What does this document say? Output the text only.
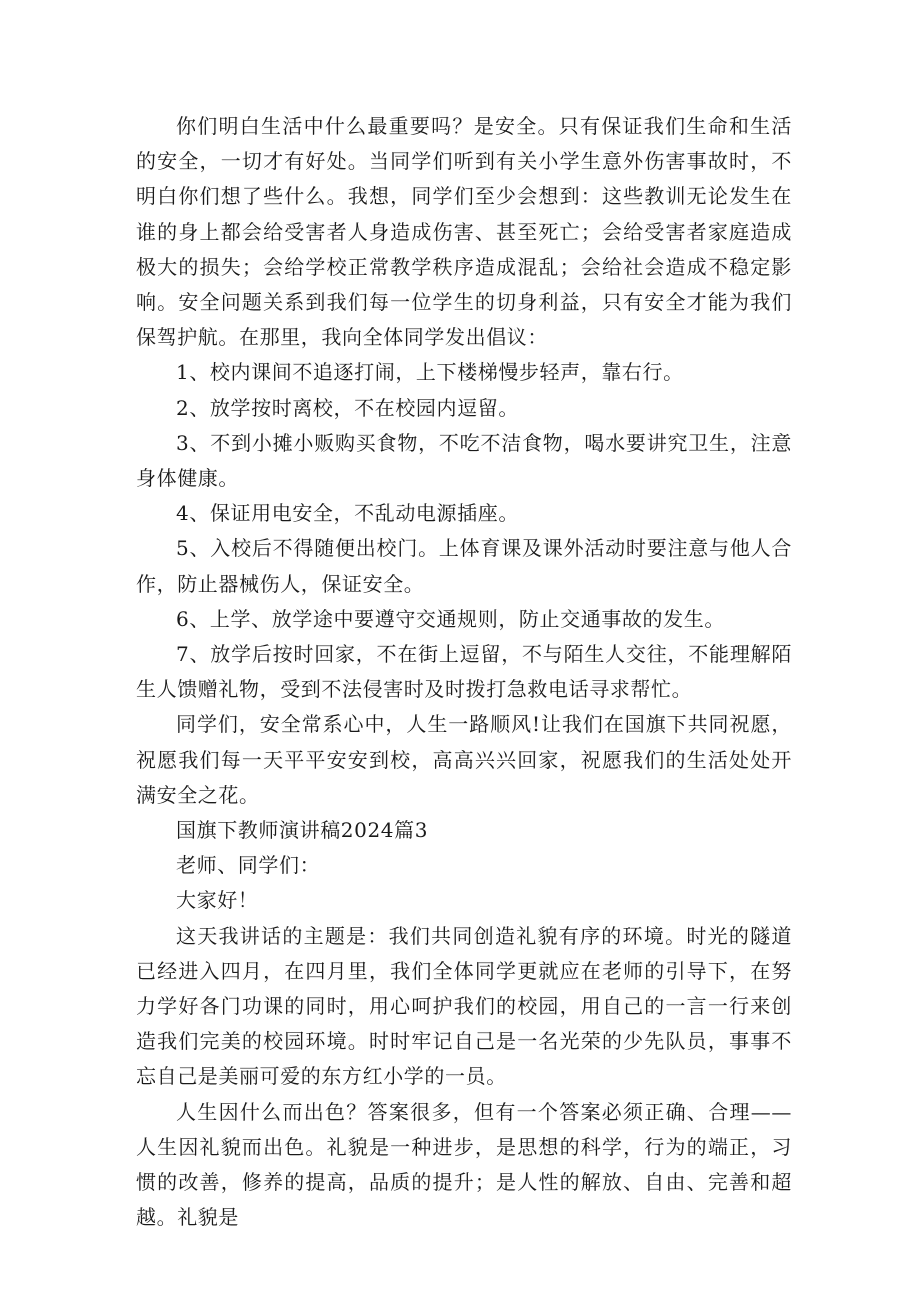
你们明白生活中什么最重要吗？是安全。只有保证我们生命和生活的安全，一切才有好处。当同学们听到有关小学生意外伤害事故时，不明白你们想了些什么。我想，同学们至少会想到：这些教训无论发生在谁的身上都会给受害者人身造成伤害、甚至死亡；会给受害者家庭造成极大的损失；会给学校正常教学秩序造成混乱；会给社会造成不稳定影响。安全问题关系到我们每一位学生的切身利益，只有安全才能为我们保驾护航。在那里，我向全体同学发出倡议：

1、校内课间不追逐打闹，上下楼梯慢步轻声，靠右行。

2、放学按时离校，不在校园内逗留。

3、不到小摊小贩购买食物，不吃不洁食物，喝水要讲究卫生，注意身体健康。

4、保证用电安全，不乱动电源插座。

5、入校后不得随便出校门。上体育课及课外活动时要注意与他人合作，防止器械伤人，保证安全。

6、上学、放学途中要遵守交通规则，防止交通事故的发生。

7、放学后按时回家，不在街上逗留，不与陌生人交往，不能理解陌生人馈赠礼物，受到不法侵害时及时拨打急救电话寻求帮忙。

同学们，安全常系心中，人生一路顺风!让我们在国旗下共同祝愿，祝愿我们每一天平平安安到校，高高兴兴回家，祝愿我们的生活处处开满安全之花。

国旗下教师演讲稿2024篇3

老师、同学们：

大家好！

这天我讲话的主题是：我们共同创造礼貌有序的环境。时光的隧道已经进入四月，在四月里，我们全体同学更就应在老师的引导下，在努力学好各门功课的同时，用心呵护我们的校园，用自己的一言一行来创造我们完美的校园环境。时时牢记自己是一名光荣的少先队员，事事不忘自己是美丽可爱的东方红小学的一员。

人生因什么而出色？答案很多，但有一个答案必须正确、合理——人生因礼貌而出色。礼貌是一种进步，是思想的科学，行为的端正，习惯的改善，修养的提高，品质的提升；是人性的解放、自由、完善和超越。礼貌是
